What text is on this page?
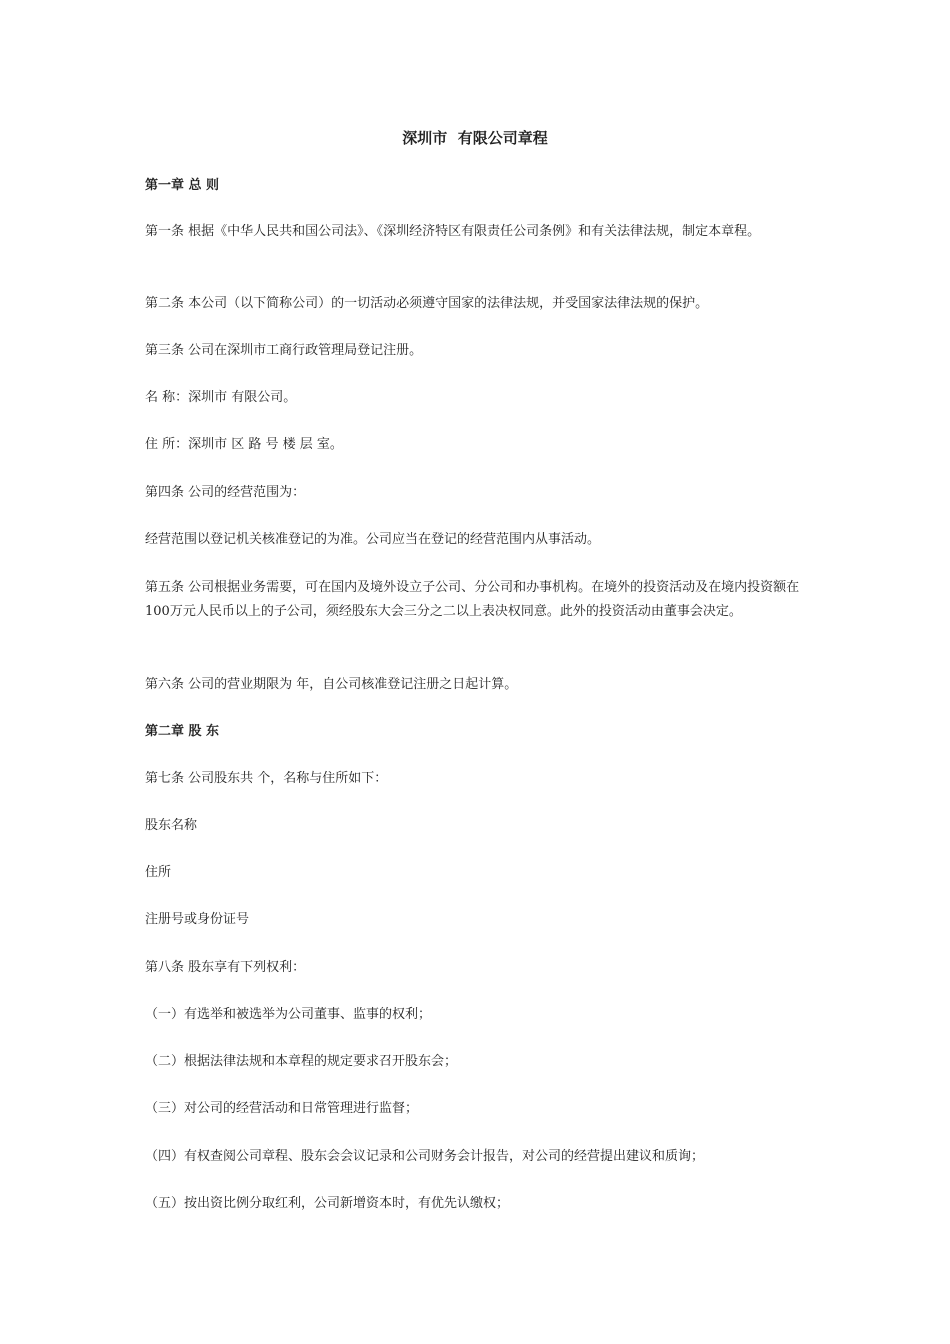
深圳市  有限公司章程
第一章 总 则
第一条 根据《中华人民共和国公司法》、《深圳经济特区有限责任公司条例》和有关法律法规，制定本章程。
第二条 本公司（以下简称公司）的一切活动必须遵守国家的法律法规，并受国家法律法规的保护。
第三条 公司在深圳市工商行政管理局登记注册。
名 称：深圳市 有限公司。
住 所：深圳市 区 路 号 楼 层 室。
第四条 公司的经营范围为：
经营范围以登记机关核准登记的为准。公司应当在登记的经营范围内从事活动。
第五条 公司根据业务需要，可在国内及境外设立子公司、分公司和办事机构。在境外的投资活动及在境内投资额在100万元人民币以上的子公司，须经股东大会三分之二以上表决权同意。此外的投资活动由董事会决定。
第六条 公司的营业期限为 年，自公司核准登记注册之日起计算。
第二章 股 东
第七条 公司股东共 个，名称与住所如下：
股东名称
住所
注册号或身份证号
第八条 股东享有下列权利：
（一）有选举和被选举为公司董事、监事的权利；
（二）根据法律法规和本章程的规定要求召开股东会；
（三）对公司的经营活动和日常管理进行监督；
（四）有权查阅公司章程、股东会会议记录和公司财务会计报告，对公司的经营提出建议和质询；
（五）按出资比例分取红利，公司新增资本时，有优先认缴权；
